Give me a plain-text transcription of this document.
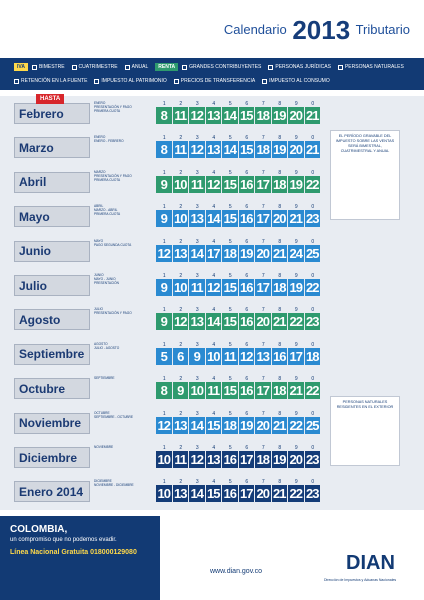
Calendario 2013 Tributario
IVA	BIMESTRE	CUATRIMESTRE	ANUAL	RENTA	GRANDES CONTRIBUYENTES	PERSONAS JURÍDICAS	PERSONAS NATURALES
RETENCIÓN EN LA FUENTE	IMPUESTO AL PATRIMONIO	PRECIOS DE TRANSFERENCIA	IMPUESTO AL CONSUMO
HASTA
Febrero
ENERO
PRESENTACIÓN Y PAGO
PRIMERA CUOTA
1	2	3	4	5	6	7	8	9	0
8 11 12 13 14 15 18 19 20 21
Marzo
ENERO
ENERO - FEBRERO	1	2	3	4	5	6	7	8	9	0
8 11 12 13 14 15 18 19 20 21
Abril
MARZO
PRESENTACIÓN Y PAGO
PRIMERA CUOTA
1	2	3	4	5	6	7	8	9	0
9 10 11 12 15 16 17 18 19 22
Mayo
ABRIL
MARZO - ABRIL
PRIMERA CUOTA
1	2	3	4	5	6	7	8	9	0
9 10 13 14 15 16 17 20 21 23
Junio
MAYO
PAGO SEGUNDA CUOTA	1	2	3	4	5	6	7	8	9	0
12 13 14 17 18 19 20 21 24 25
Julio
JUNIO
MAYO - JUNIO
PRESENTACIÓN
1	2	3	4	5	6	7	8	9	0
9 10 11 12 15 16 17 18 19 22
Agosto
JULIO
PRESENTACIÓN Y PAGO	1	2	3	4	5	6	7	8	9	0
9 12 13 14 15 16 20 21 22 23
Septiembre
AGOSTO
JULIO - AGOSTO	1	2	3	4	5	6	7	8	9	0
5 6 9 10 11 12 13 16 17 18
Octubre
SEPTIEMBRE	1	2	3	4	5	6	7	8	9	0
8 9 10 11 15 16 17 18 21 22
Noviembre
OCTUBRE
SEPTIEMBRE - OCTUBRE	1	2	3	4	5	6	7	8	9	0
12 13 14 15 18 19 20 21 22 25
Diciembre
NOVIEMBRE	1	2	3	4	5	6	7	8	9	0
10 11 12 13 16 17 18 19 20 23
Enero 2014
DICIEMBRE
NOVIEMBRE - DICIEMBRE	1	2	3	4	5	6	7	8	9	0
10 13 14 15 16 17 20 21 22 23
EL PERÍODO GRAVABLE DEL IMPUESTO SOBRE LAS VENTAS SERÁ BIMESTRAL, CUATRIMESTRAL Y ANUAL
PERSONAS NATURALES RESIDENTES EN EL EXTERIOR
COLOMBIA,
un compromiso que no podemos evadir.
Línea Nacional Gratuita 018000129080
www.dian.gov.co	DIAN
Dirección de Impuestos y Aduanas Nacionales
